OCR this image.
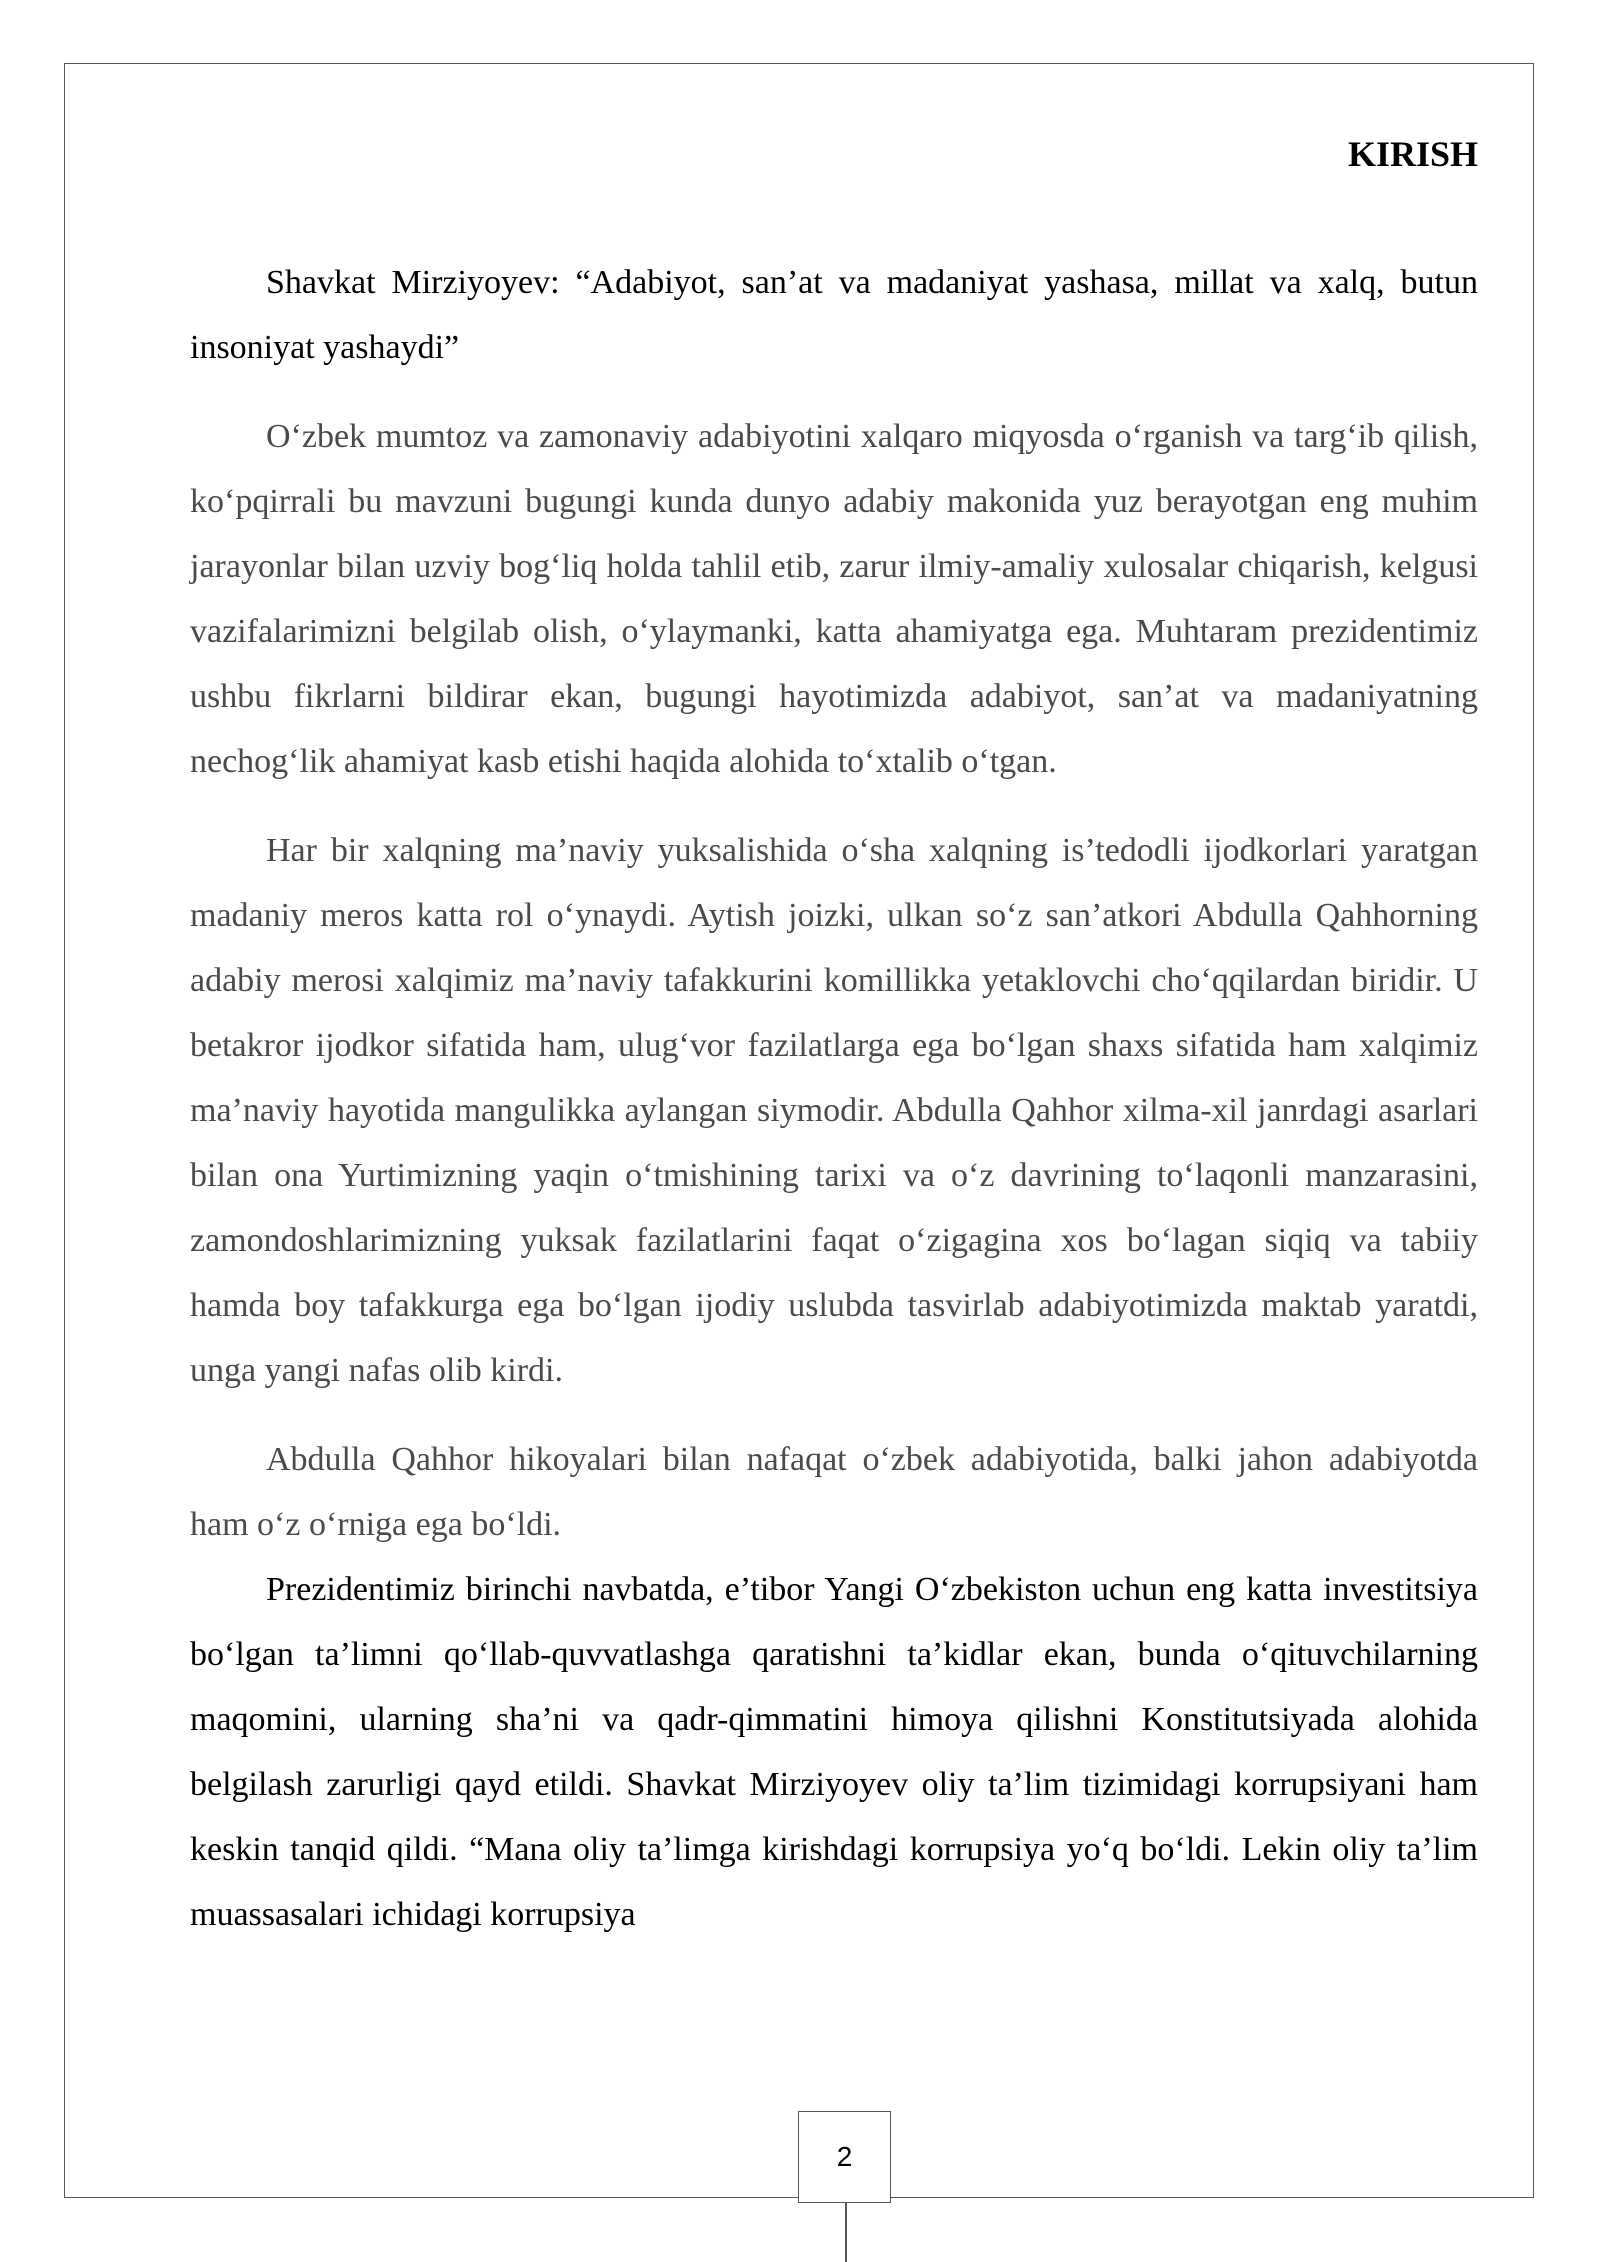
KIRISH

Shavkat Mirziyoyev: “Adabiyot, san’at va madaniyat yashasa, millat va xalq, butun insoniyat yashaydi”

O‘zbek mumtoz va zamonaviy adabiyotini xalqaro miqyosda o‘rganish va targ‘ib qilish, ko‘pqirrali bu mavzuni bugungi kunda dunyo adabiy makonida yuz berayotgan eng muhim jarayonlar bilan uzviy bog‘liq holda tahlil etib, zarur ilmiy-amaliy xulosalar chiqarish, kelgusi vazifalarimizni belgilab olish, o‘ylaymanki, katta ahamiyatga ega. Muhtaram prezidentimiz ushbu fikrlarni bildirar ekan, bugungi hayotimizda adabiyot, san’at va madaniyatning nechog‘lik ahamiyat kasb etishi haqida alohida to‘xtalib o‘tgan.

Har bir xalqning ma’naviy yuksalishida o‘sha xalqning is’tedodli ijodkorlari yaratgan madaniy meros katta rol o‘ynaydi. Aytish joizki, ulkan so‘z san’atkori Abdulla Qahhorning adabiy merosi xalqimiz ma’naviy tafakkurini komillikka yetaklovchi cho‘qqilardan biridir. U betakror ijodkor sifatida ham, ulug‘vor fazilatlarga ega bo‘lgan shaxs sifatida ham xalqimiz ma’naviy hayotida mangulikka aylangan siymodir. Abdulla Qahhor xilma-xil janrdagi asarlari bilan ona Yurtimizning yaqin o‘tmishining tarixi va o‘z davrining to‘laqonli manzarasini, zamondoshlarimizning yuksak fazilatlarini faqat o‘zigagina xos bo‘lagan siqiq va tabiiy hamda boy tafakkurga ega bo‘lgan ijodiy uslubda tasvirlab adabiyotimizda maktab yaratdi, unga yangi nafas olib kirdi.

Abdulla Qahhor hikoyalari bilan nafaqat o‘zbek adabiyotida, balki jahon adabiyotda ham o‘z o‘rniga ega bo‘ldi.

Prezidentimiz birinchi navbatda, e’tibor Yangi O‘zbekiston uchun eng katta investitsiya bo‘lgan ta’limni qo‘llab-quvvatlashga qaratishni ta’kidlar ekan, bunda o‘qituvchilarning maqomini, ularning sha’ni va qadr-qimmatini himoya qilishni Konstitutsiyada alohida belgilash zarurligi qayd etildi. Shavkat Mirziyoyev oliy ta’lim tizimidagi korrupsiyani ham keskin tanqid qildi. “Mana oliy ta’limga kirishdagi korrupsiya yo‘q bo‘ldi. Lekin oliy ta’lim muassasalari ichidagi korrupsiya

2
